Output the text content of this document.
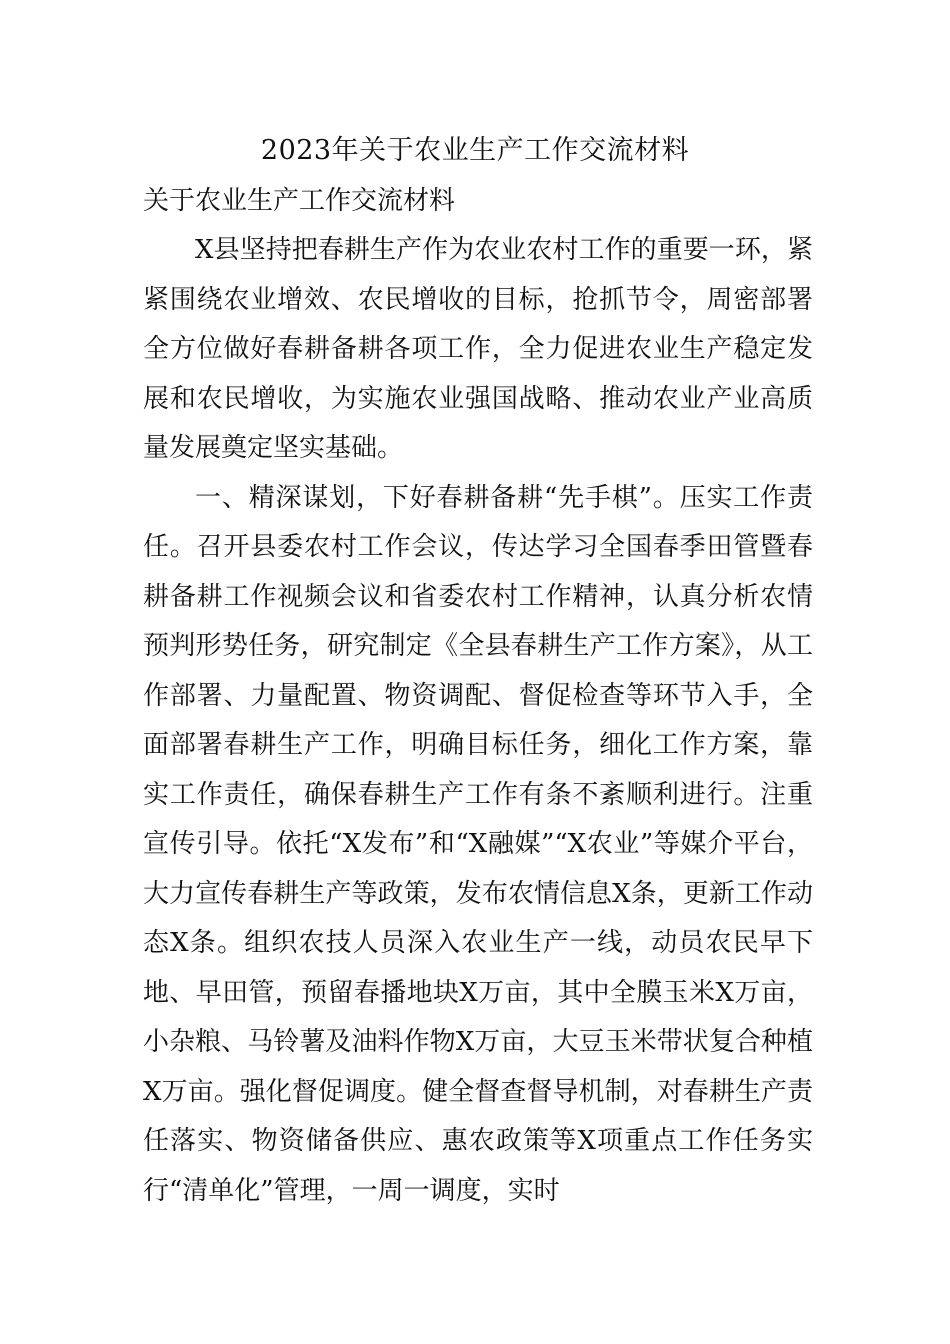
2023年关于农业生产工作交流材料
关于农业生产工作交流材料

X县坚持把春耕生产作为农业农村工作的重要一环，紧紧围绕农业增效、农民增收的目标，抢抓节令，周密部署全方位做好春耕备耕各项工作，全力促进农业生产稳定发展和农民增收，为实施农业强国战略、推动农业产业高质量发展奠定坚实基础。

一、精深谋划，下好春耕备耕“先手棋”。压实工作责任。召开县委农村工作会议，传达学习全国春季田管暨春耕备耕工作视频会议和省委农村工作精神，认真分析农情预判形势任务，研究制定《全县春耕生产工作方案》，从工作部署、力量配置、物资调配、督促检查等环节入手，全面部署春耕生产工作，明确目标任务，细化工作方案，靠实工作责任，确保春耕生产工作有条不紊顺利进行。注重宣传引导。依托“X发布”和“X融媒”“X农业”等媒介平台，大力宣传春耕生产等政策，发布农情信息X条，更新工作动态X条。组织农技人员深入农业生产一线，动员农民早下地、早田管，预留春播地块X万亩，其中全膜玉米X万亩，小杂粮、马铃薯及油料作物X万亩，大豆玉米带状复合种植X万亩。强化督促调度。健全督查督导机制，对春耕生产责任落实、物资储备供应、惠农政策等X项重点工作任务实行“清单化”管理，一周一调度，实时
